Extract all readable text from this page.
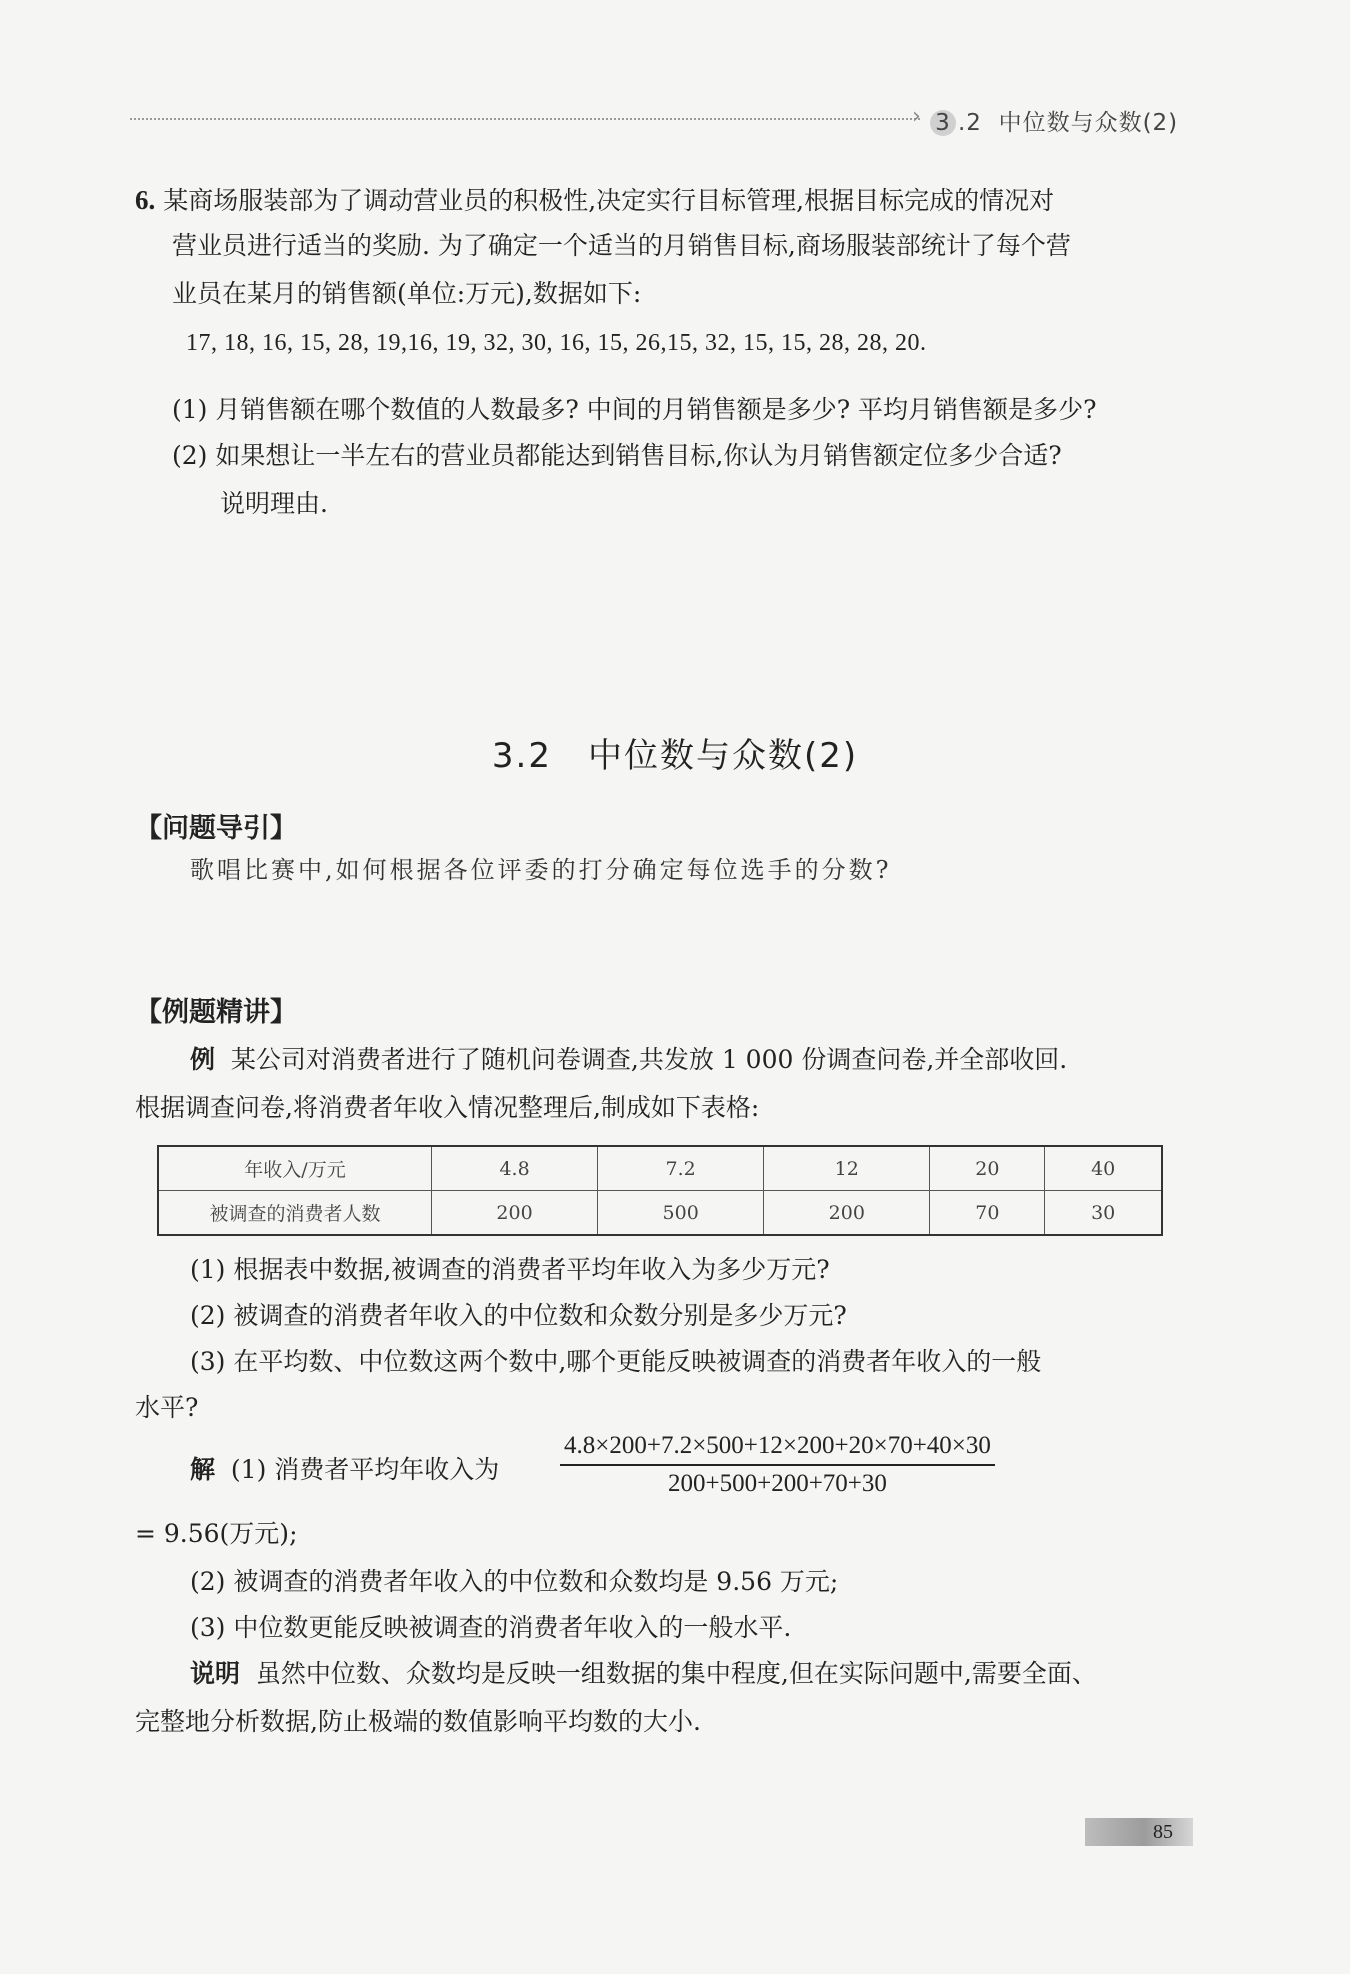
› 3 .2 中位数与众数(2)
6. 某商场服装部为了调动营业员的积极性,决定实行目标管理,根据目标完成的情况对
营业员进行适当的奖励. 为了确定一个适当的月销售目标,商场服装部统计了每个营
业员在某月的销售额(单位:万元),数据如下:
17, 18, 16, 15, 28, 19,16, 19, 32, 30, 16, 15, 26,15, 32, 15, 15, 28, 28, 20.
(1) 月销售额在哪个数值的人数最多? 中间的月销售额是多少? 平均月销售额是多少?
(2) 如果想让一半左右的营业员都能达到销售目标,你认为月销售额定位多少合适?
说明理由.
3.2　中位数与众数(2)
【问题导引】
歌唱比赛中,如何根据各位评委的打分确定每位选手的分数?
【例题精讲】
例 某公司对消费者进行了随机问卷调查,共发放 1 000 份调查问卷,并全部收回.
根据调查问卷,将消费者年收入情况整理后,制成如下表格:
年收入/万元	4.8	7.2	12	20	40
被调查的消费者人数	200	500	200	70	30
(1) 根据表中数据,被调查的消费者平均年收入为多少万元?
(2) 被调查的消费者年收入的中位数和众数分别是多少万元?
(3) 在平均数、中位数这两个数中,哪个更能反映被调查的消费者年收入的一般
水平?
解 (1) 消费者平均年收入为 $\frac{4.8\times 200+7.2\times 500+12\times 200+20\times 70+40\times 30}{200+500+200+70+30}$
= 9.56(万元);
(2) 被调查的消费者年收入的中位数和众数均是 9.56 万元;
(3) 中位数更能反映被调查的消费者年收入的一般水平.
说明 虽然中位数、众数均是反映一组数据的集中程度,但在实际问题中,需要全面、
完整地分析数据,防止极端的数值影响平均数的大小.
85
